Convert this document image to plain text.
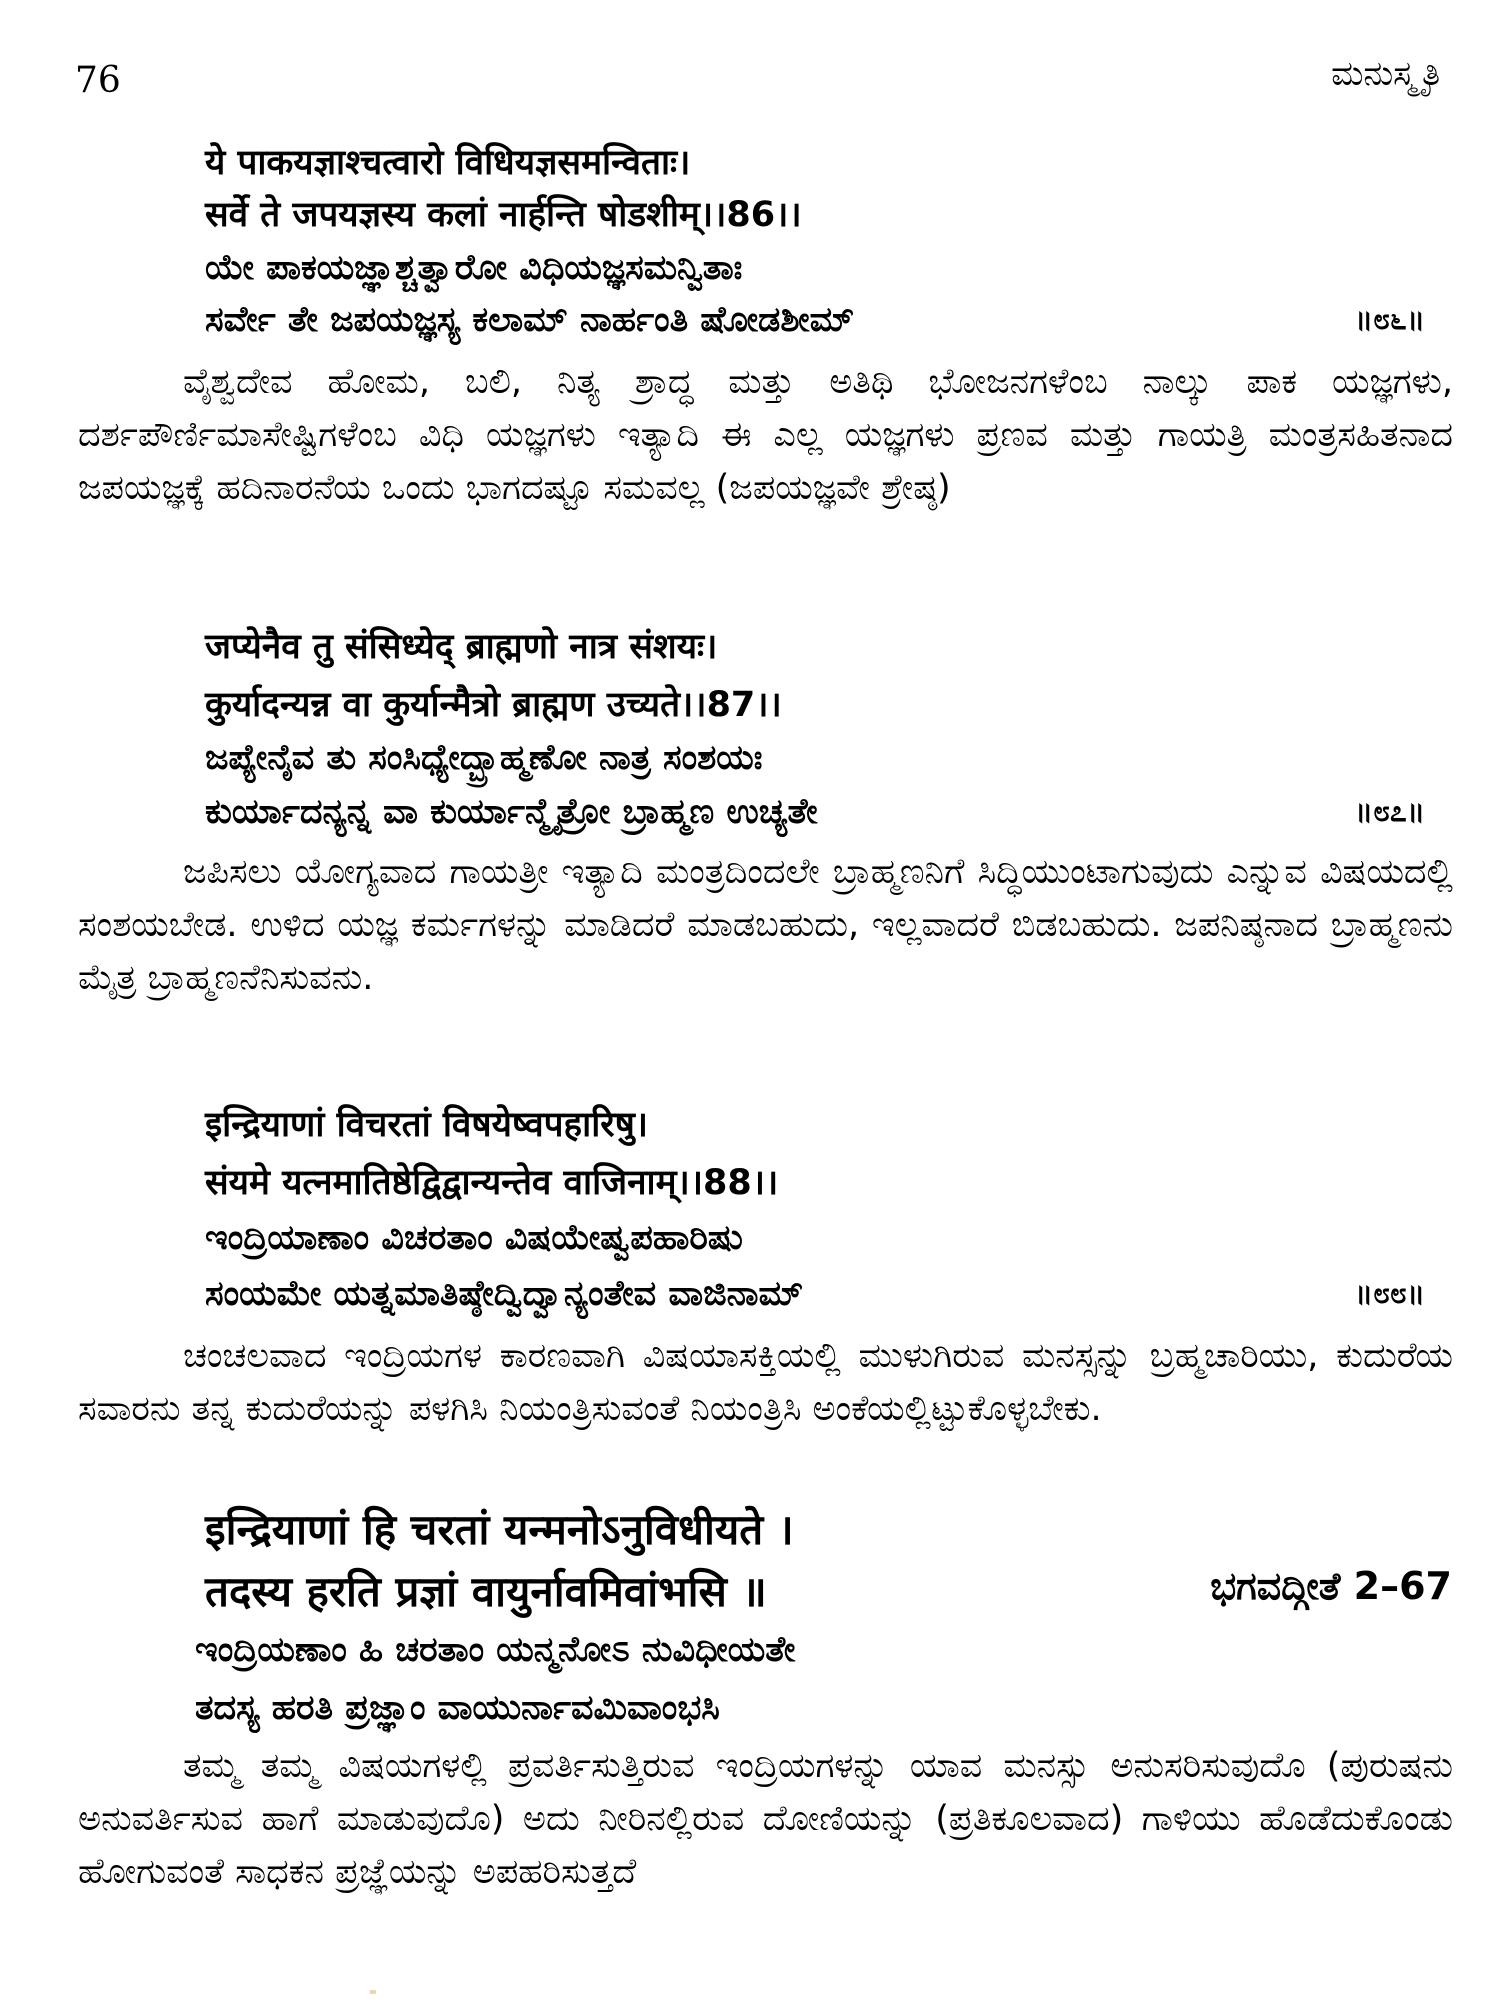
76	ಮನುಸ್ಮೃತಿ
ये पाकयज्ञाश्चत्वारो विधियज्ञसमन्विताः।
सर्वे ते जपयज्ञस्य कलां नार्हन्ति षोडशीम्।।86।।
ಯೇ ಪಾಕಯಜ್ಞಾಶ್ಚತ್ವಾರೋ ವಿಧಿಯಜ್ಞಸಮನ್ವಿತಾಃ
ಸರ್ವೇ ತೇ ಜಪಯಜ್ಞಸ್ಯ ಕಲಾಮ್ ನಾರ್ಹಂತಿ ಷೋಡಶೀಮ್	॥೮೬॥

ವೈಶ್ವದೇವ ಹೋಮ, ಬಲಿ, ನಿತ್ಯ ಶ್ರಾದ್ಧ ಮತ್ತು ಅತಿಥಿ ಭೋಜನಗಳೆಂಬ ನಾಲ್ಕು ಪಾಕ ಯಜ್ಞಗಳು, ದರ್ಶಪೌರ್ಣಿಮಾಸೇಷ್ಟಿಗಳೆಂಬ ವಿಧಿ ಯಜ್ಞಗಳು ಇತ್ಯಾದಿ ಈ ಎಲ್ಲ ಯಜ್ಞಗಳು ಪ್ರಣವ ಮತ್ತು ಗಾಯತ್ರಿ ಮಂತ್ರಸಹಿತನಾದ ಜಪಯಜ್ಞಕ್ಕೆ ಹದಿನಾರನೆಯ ಒಂದು ಭಾಗದಷ್ಟೂ ಸಮವಲ್ಲ (ಜಪಯಜ್ಞವೇ ಶ್ರೇಷ್ಠ)

जप्येनैव तु संसिध्येद् ब्राह्मणो नात्र संशयः।
कुर्यादन्यन्न वा कुर्यान्मैत्रो ब्राह्मण उच्यते।।87।।
ಜಪ್ಯೇನೈವ ತು ಸಂಸಿಧ್ಯೇದ್ಬ್ರಾಹ್ಮಣೋ ನಾತ್ರ ಸಂಶಯಃ
ಕುರ್ಯಾದನ್ಯನ್ನ ವಾ ಕುರ್ಯಾನ್ಮೈತ್ರೋ ಬ್ರಾಹ್ಮಣ ಉಚ್ಯತೇ	॥೮೭॥

ಜಪಿಸಲು ಯೋಗ್ಯವಾದ ಗಾಯತ್ರೀ ಇತ್ಯಾದಿ ಮಂತ್ರದಿಂದಲೇ ಬ್ರಾಹ್ಮಣನಿಗೆ ಸಿದ್ಧಿಯುಂಟಾಗುವುದು ಎನ್ನುವ ವಿಷಯದಲ್ಲಿ ಸಂಶಯಬೇಡ. ಉಳಿದ ಯಜ್ಞ ಕರ್ಮಗಳನ್ನು ಮಾಡಿದರೆ ಮಾಡಬಹುದು, ಇಲ್ಲವಾದರೆ ಬಿಡಬಹುದು. ಜಪನಿಷ್ಠನಾದ ಬ್ರಾಹ್ಮಣನು ಮೈತ್ರ ಬ್ರಾಹ್ಮಣನೆನಿಸುವನು.

इन्द्रियाणां विचरतां विषयेष्वपहारिषु।
संयमे यत्नमातिष्ठेद्विद्वान्यन्तेव वाजिनाम्।।88।।
ಇಂದ್ರಿಯಾಣಾಂ ವಿಚರತಾಂ ವಿಷಯೇಷ್ವಪಹಾರಿಷು
ಸಂಯಮೇ ಯತ್ನಮಾತಿಷ್ಠೇದ್ವಿದ್ವಾನ್ಯಂತೇವ ವಾಜಿನಾಮ್	॥೮೮॥

ಚಂಚಲವಾದ ಇಂದ್ರಿಯಗಳ ಕಾರಣವಾಗಿ ವಿಷಯಾಸಕ್ತಿಯಲ್ಲಿ ಮುಳುಗಿರುವ ಮನಸ್ಸನ್ನು ಬ್ರಹ್ಮಚಾರಿಯು, ಕುದುರೆಯ ಸವಾರನು ತನ್ನ ಕುದುರೆಯನ್ನು ಪಳಗಿಸಿ ನಿಯಂತ್ರಿಸುವಂತೆ ನಿಯಂತ್ರಿಸಿ ಅಂಕೆಯಲ್ಲಿಟ್ಟುಕೊಳ್ಳಬೇಕು.

इन्द्रियाणां हि चरतां यन्मनोऽनुविधीयते ।
तदस्य हरति प्रज्ञां वायुर्नावमिवांभसि ॥	ಭಗವದ್ಗೀತೆ 2–67
ಇಂದ್ರಿಯಣಾಂ ಹಿ ಚರತಾಂ ಯನ್ಮನೋಽ ನುವಿಧೀಯತೇ
ತದಸ್ಯ ಹರತಿ ಪ್ರಜ್ಞಾಂ ವಾಯುರ್ನಾವಮಿವಾಂಭಸಿ

ತಮ್ಮ ತಮ್ಮ ವಿಷಯಗಳಲ್ಲಿ ಪ್ರವರ್ತಿಸುತ್ತಿರುವ ಇಂದ್ರಿಯಗಳನ್ನು ಯಾವ ಮನಸ್ಸು ಅನುಸರಿಸುವುದೊ (ಪುರುಷನು ಅನುವರ್ತಿಸುವ ಹಾಗೆ ಮಾಡುವುದೊ) ಅದು ನೀರಿನಲ್ಲಿರುವ ದೋಣಿಯನ್ನು (ಪ್ರತಿಕೂಲವಾದ) ಗಾಳಿಯು ಹೊಡೆದುಕೊಂಡು ಹೋಗುವಂತೆ ಸಾಧಕನ ಪ್ರಜ್ಞೆಯನ್ನು ಅಪಹರಿಸುತ್ತದೆ
